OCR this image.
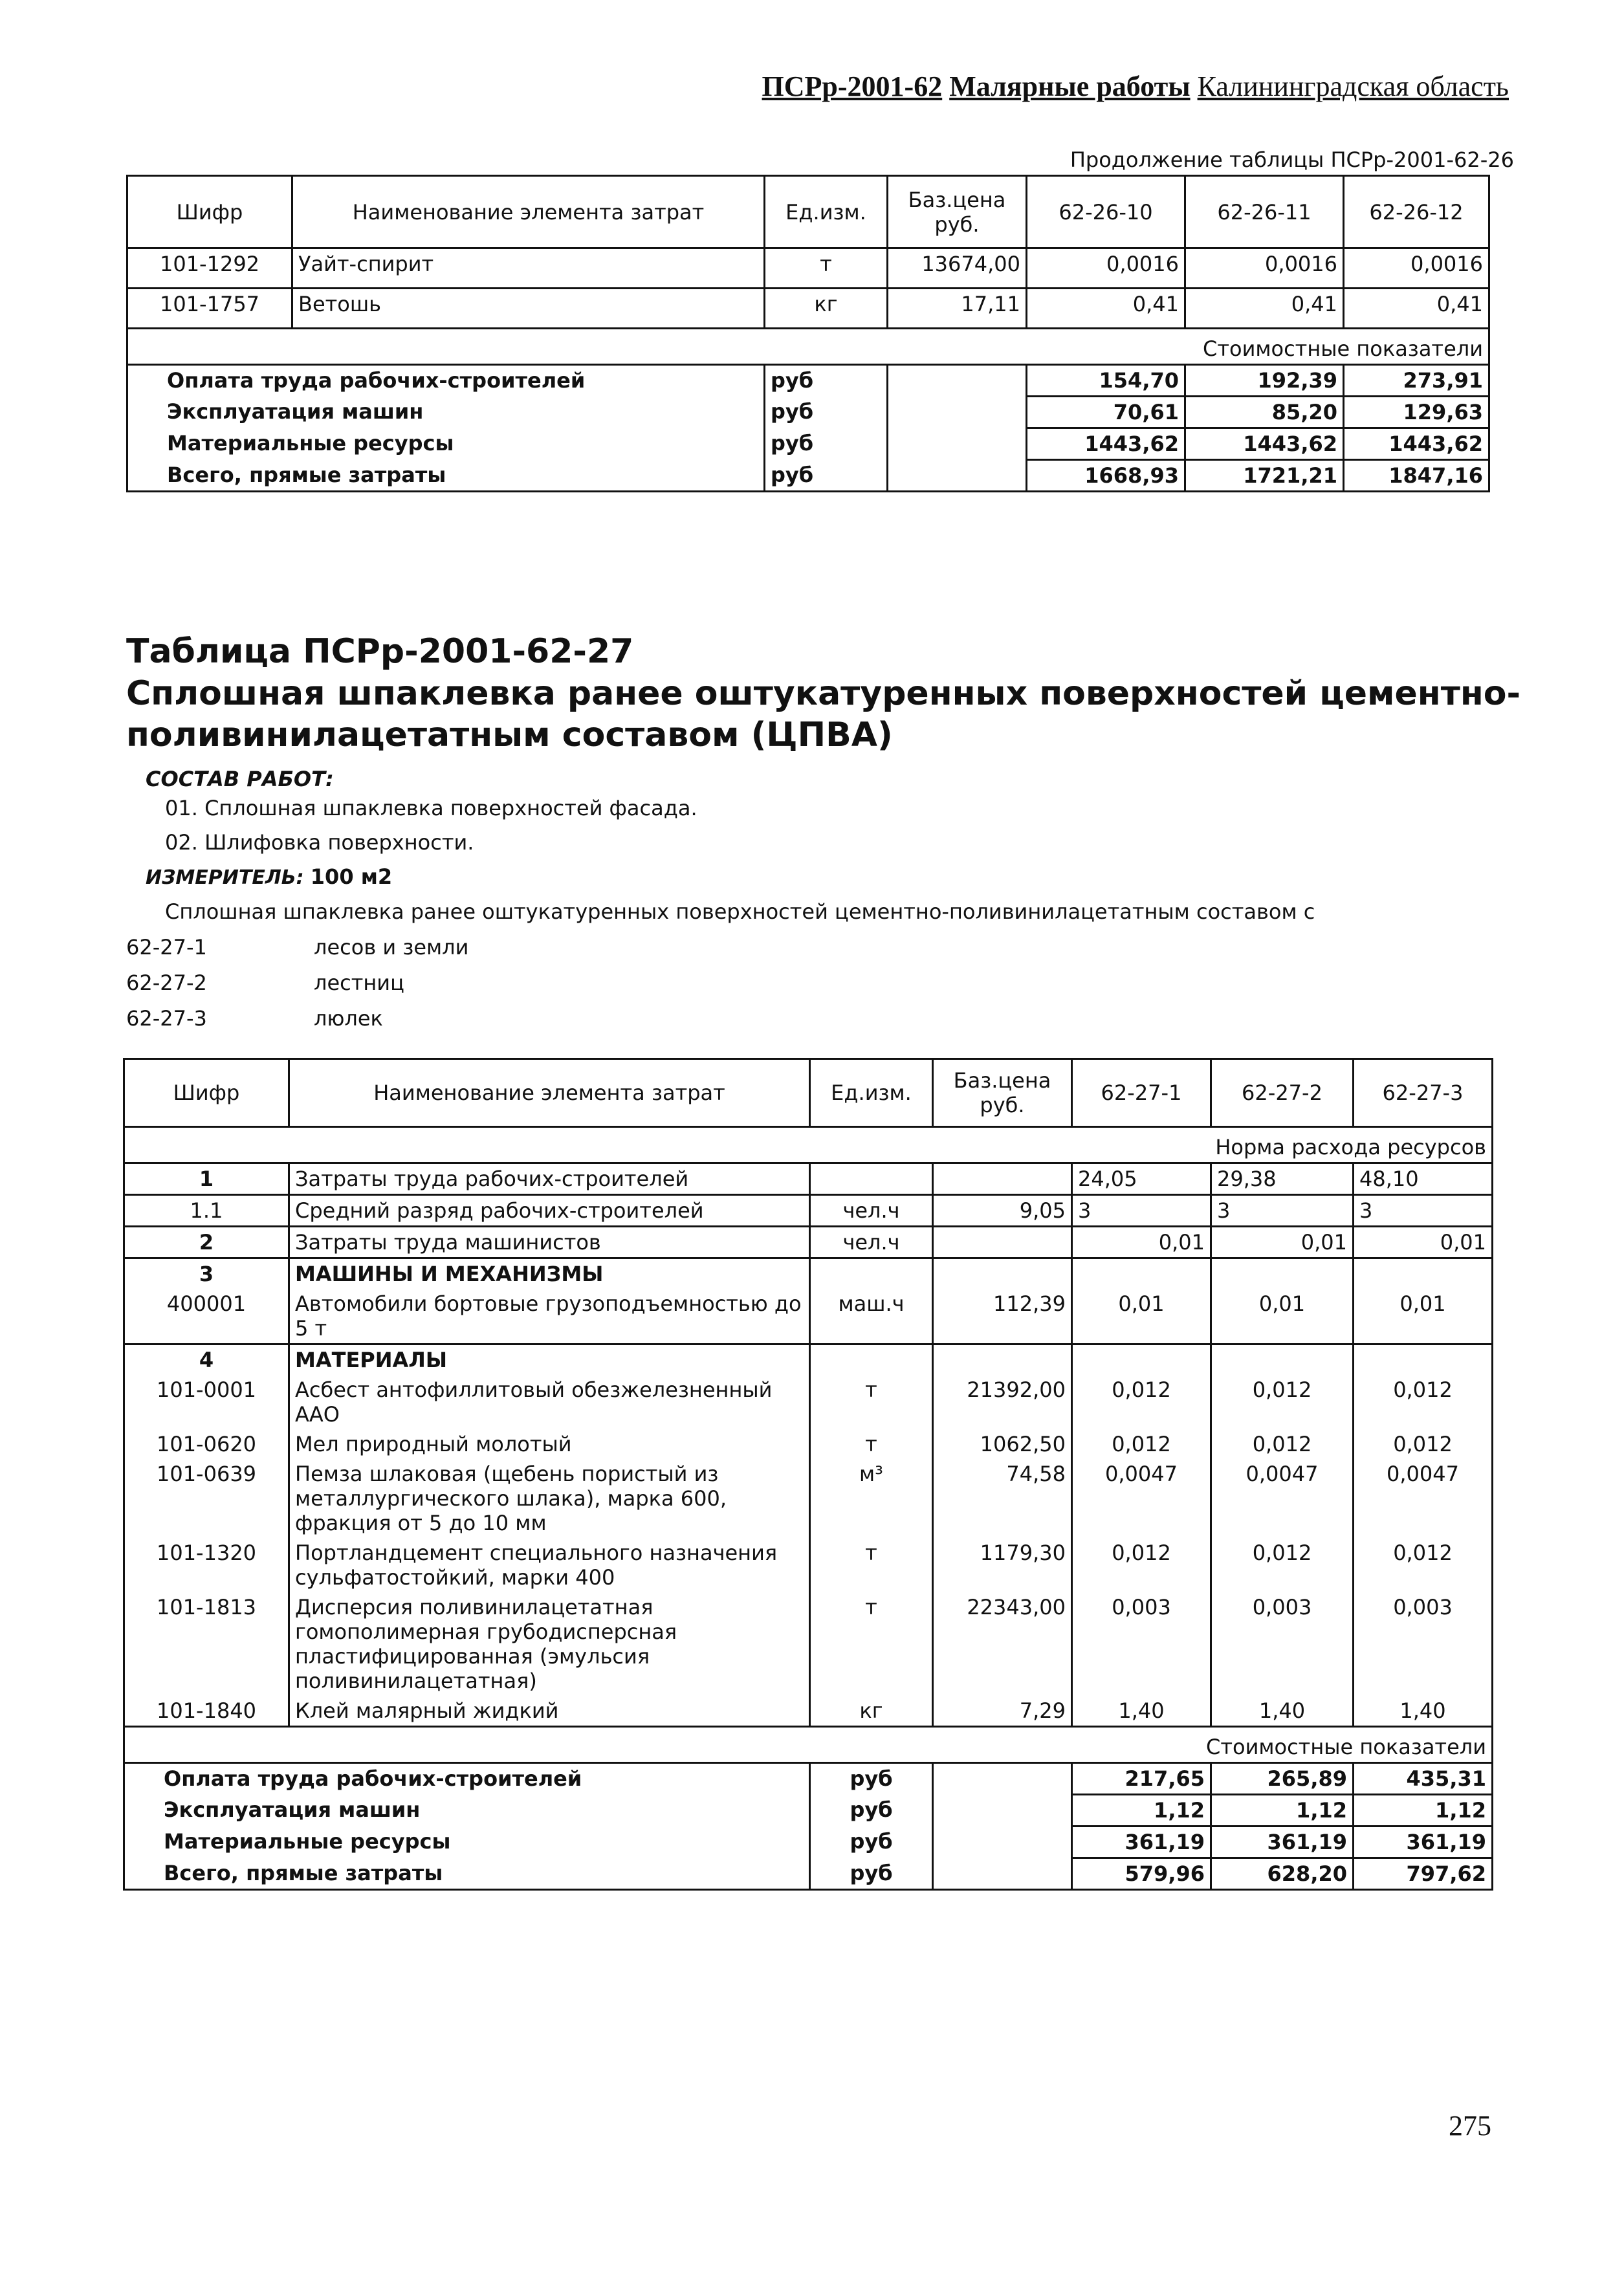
ПСРр-2001-62 Малярные работы Калининградская область
Продолжение таблицы ПСРр-2001-62-26
Шифр	Наименование элемента затрат	Ед.изм.	Баз.цена руб.	62-26-10	62-26-11	62-26-12
101-1292	Уайт-спирит	т	13674,00	0,0016	0,0016	0,0016
101-1757	Ветошь	кг	17,11	0,41	0,41	0,41
Стоимостные показатели						
Оплата труда рабочих-строителей		руб		154,70	192,39	273,91
Эксплуатация машин		руб		70,61	85,20	129,63
Материальные ресурсы		руб		1443,62	1443,62	1443,62
Всего, прямые затраты		руб		1668,93	1721,21	1847,16
Таблица ПСРр-2001-62-27
Сплошная шпаклевка ранее оштукатуренных поверхностей цементно-поливинилацетатным составом (ЦПВА)
СОСТАВ РАБОТ:
01. Сплошная шпаклевка поверхностей фасада.
02. Шлифовка поверхности.
ИЗМЕРИТЕЛЬ: 100 м2
Сплошная шпаклевка ранее оштукатуренных поверхностей цементно-поливинилацетатным составом с
62-27-1	лесов и земли
62-27-2	лестниц
62-27-3	люлек
Шифр	Наименование элемента затрат	Ед.изм.	Баз.цена руб.	62-27-1	62-27-2	62-27-3
Норма расхода ресурсов						
1	Затраты труда рабочих-строителей			24,05	29,38	48,10
1.1	Средний разряд рабочих-строителей	чел.ч	9,05	3	3	3
2	Затраты труда машинистов	чел.ч		0,01	0,01	0,01
3	МАШИНЫ И МЕХАНИЗМЫ					
400001	Автомобили бортовые грузоподъемностью до 5 т	маш.ч	112,39	0,01	0,01	0,01
4	МАТЕРИАЛЫ					
101-0001	Асбест антофиллитовый обезжелезненный ААО	т	21392,00	0,012	0,012	0,012
101-0620	Мел природный молотый	т	1062,50	0,012	0,012	0,012
101-0639	Пемза шлаковая (щебень пористый из металлургического шлака), марка 600, фракция от 5 до 10 мм	м³	74,58	0,0047	0,0047	0,0047
101-1320	Портландцемент специального назначения сульфатостойкий, марки 400	т	1179,30	0,012	0,012	0,012
101-1813	Дисперсия поливинилацетатная гомополимерная грубодисперсная пластифицированная (эмульсия поливинилацетатная)	т	22343,00	0,003	0,003	0,003
101-1840	Клей малярный жидкий	кг	7,29	1,40	1,40	1,40
Стоимостные показатели						
Оплата труда рабочих-строителей		руб		217,65	265,89	435,31
Эксплуатация машин		руб		1,12	1,12	1,12
Материальные ресурсы		руб		361,19	361,19	361,19
Всего, прямые затраты		руб		579,96	628,20	797,62
275
